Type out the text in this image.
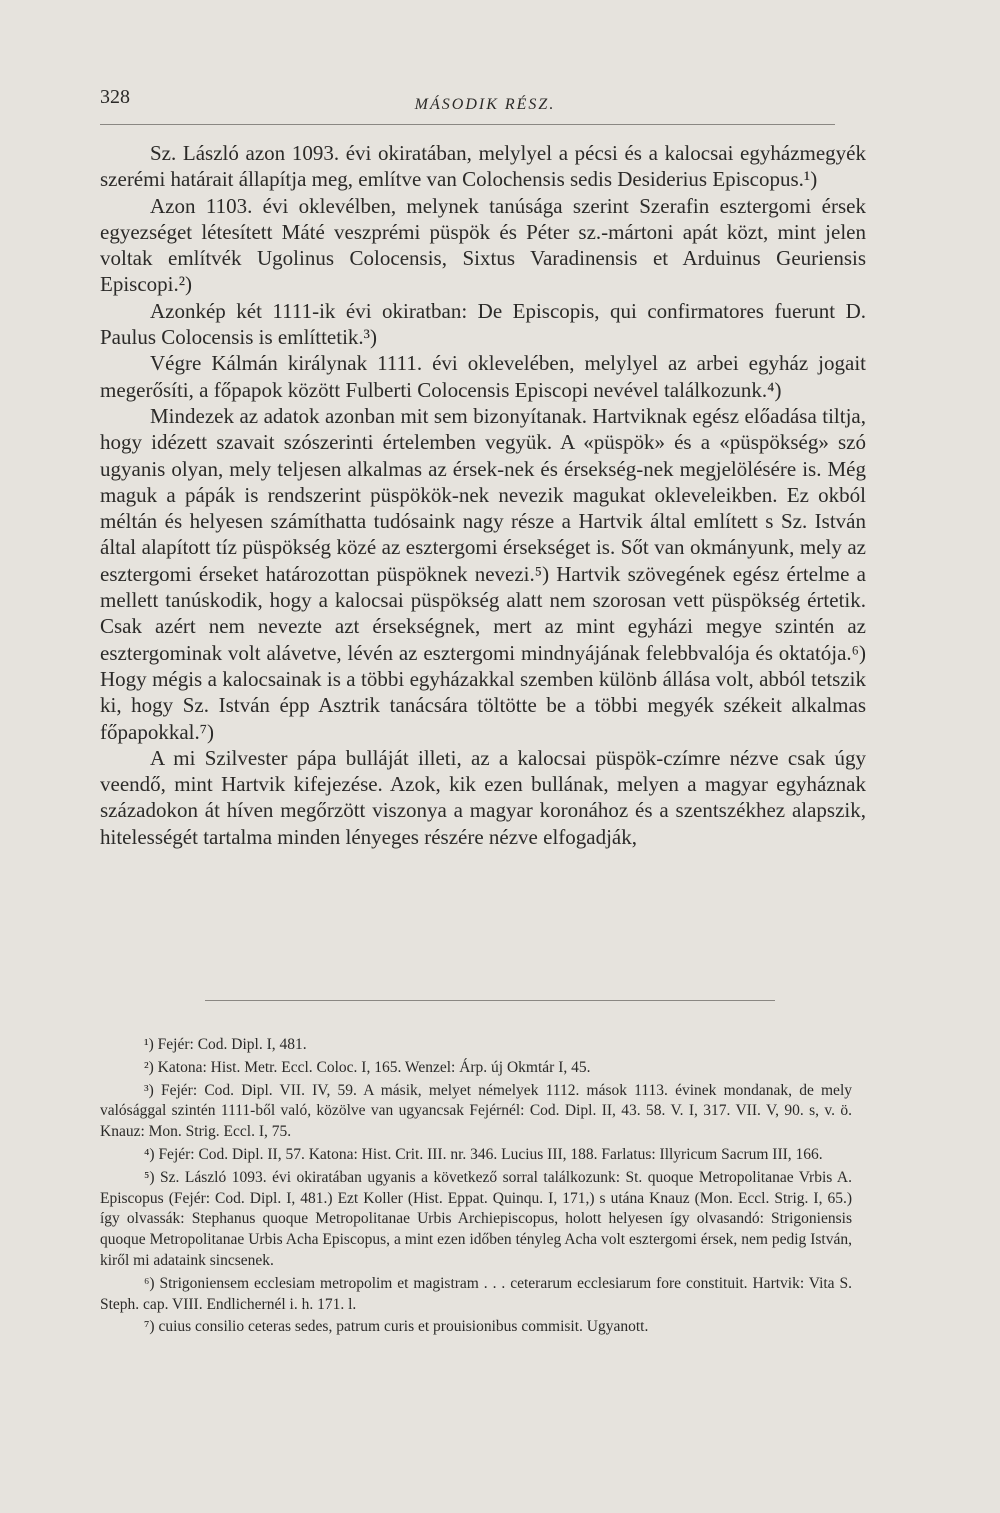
328	MÁSODIK RÉSZ.

Sz. László azon 1093. évi okiratában, melylyel a pécsi és a kalocsai egyházmegyék szerémi határait állapítja meg, említve van Colochensis sedis Desiderius Episcopus.¹)

Azon 1103. évi oklevélben, melynek tanúsága szerint Szerafin esztergomi érsek egyezséget létesített Máté veszprémi püspök és Péter sz.-mártoni apát közt, mint jelen voltak említvék Ugolinus Colocensis, Sixtus Varadinensis et Arduinus Geuriensis Episcopi.²)

Azonkép két 1111-ik évi okiratban: De Episcopis, qui confirmatores fuerunt D. Paulus Colocensis is említtetik.³)

Végre Kálmán királynak 1111. évi oklevelében, melylyel az arbei egyház jogait megerősíti, a főpapok között Fulberti Colocensis Episcopi nevével találkozunk.⁴)

Mindezek az adatok azonban mit sem bizonyítanak. Hartviknak egész előadása tiltja, hogy idézett szavait szószerinti értelemben vegyük. A «püspök» és a «püspökség» szó ugyanis olyan, mely teljesen alkalmas az érsek-nek és érsekség-nek megjelölésére is. Még maguk a pápák is rendszerint püspökök-nek nevezik magukat okleveleikben. Ez okból méltán és helyesen számíthatta tudósaink nagy része a Hartvik által említett s Sz. István által alapított tíz püspökség közé az esztergomi érsekséget is. Sőt van okmányunk, mely az esztergomi érseket határozottan püspöknek nevezi.⁵) Hartvik szövegének egész értelme a mellett tanúskodik, hogy a kalocsai püspökség alatt nem szorosan vett püspökség értetik. Csak azért nem nevezte azt érsekségnek, mert az mint egyházi megye szintén az esztergominak volt alávetve, lévén az esztergomi mindnyájának felebbvalója és oktatója.⁶) Hogy mégis a kalocsainak is a többi egyházakkal szemben különb állása volt, abból tetszik ki, hogy Sz. István épp Asztrik tanácsára töltötte be a többi megyék székeit alkalmas főpapokkal.⁷)

A mi Szilvester pápa bulláját illeti, az a kalocsai püspök-czímre nézve csak úgy veendő, mint Hartvik kifejezése. Azok, kik ezen bullának, melyen a magyar egyháznak századokon át híven megőrzött viszonya a magyar koronához és a szentszékhez alapszik, hitelességét tartalma minden lényeges részére nézve elfogadják,

¹) Fejér: Cod. Dipl. I, 481.

²) Katona: Hist. Metr. Eccl. Coloc. I, 165. Wenzel: Árp. új Okmtár I, 45.

³) Fejér: Cod. Dipl. VII. IV, 59. A másik, melyet némelyek 1112. mások 1113. évinek mondanak, de mely valósággal szintén 1111-ből való, közölve van ugyancsak Fejérnél: Cod. Dipl. II, 43. 58. V. I, 317. VII. V, 90. s, v. ö. Knauz: Mon. Strig. Eccl. I, 75.

⁴) Fejér: Cod. Dipl. II, 57. Katona: Hist. Crit. III. nr. 346. Lucius III, 188. Farlatus: Illyricum Sacrum III, 166.

⁵) Sz. László 1093. évi okiratában ugyanis a következő sorral találkozunk: St. quoque Metropolitanae Vrbis A. Episcopus (Fejér: Cod. Dipl. I, 481.) Ezt Koller (Hist. Eppat. Quinqu. I, 171,) s utána Knauz (Mon. Eccl. Strig. I, 65.) így olvassák: Stephanus quoque Metropolitanae Urbis Archiepiscopus, holott helyesen így olvasandó: Strigoniensis quoque Metropolitanae Urbis Acha Episcopus, a mint ezen időben tényleg Acha volt esztergomi érsek, nem pedig István, kiről mi adataink sincsenek.

⁶) Strigoniensem ecclesiam metropolim et magistram . . . ceterarum ecclesiarum fore constituit. Hartvik: Vita S. Steph. cap. VIII. Endlichernél i. h. 171. l.

⁷) cuius consilio ceteras sedes, patrum curis et prouisionibus commisit. Ugyanott.
